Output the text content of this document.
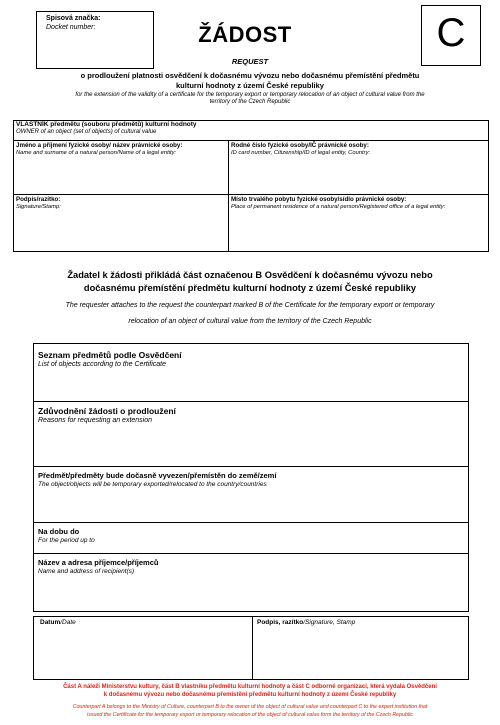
Spisová značka:
Docket number:	ŽÁDOST	C
REQUEST
o prodloužení platnosti osvědčení k dočasnému vývozu nebo dočasnému přemístění předmětu
kulturní hodnoty z území České republiky
for the extension of the validity of a certificate for the temporary export or temporary relocation of an object of cultural value from the
territory of the Czech Republic
VLASTNÍK předmětu (souboru předmětů) kulturní hodnoty
OWNER of an object (set of objects) of cultural value
Jméno a příjmení fyzické osoby/ název právnické osoby:
Name and surname of a natural person/Name of a legal entity:
Rodné číslo fyzické osoby/IČ právnické osoby:
ID card number, Citizenship/ID of legal entity, Country:
Podpis/razítko:
Signature/Stamp:
Místo trvalého pobytu fyzické osoby/sídlo právnické osoby:
Place of permanent residence of a natural person/Registered office of a legal entity:
Žadatel k žádosti přikládá část označenou B Osvědčení k dočasnému vývozu nebo
dočasnému přemístění předmětu kulturní hodnoty z území České republiky
The requester attaches to the request the counterpart marked B of the Certificate for the temporary export or temporary
relocation of an object of cultural value from the territory of the Czech Republic
Seznam předmětů podle Osvědčení
List of objects according to the Certificate
Zdůvodnění žádosti o prodloužení
Reasons for requesting an extension
Předmět/předměty bude dočasně vyvezen/přemístěn do země/zemí
The object/objects will be temporary exported/relocated to the country/countries
Na dobu do
For the period up to
Název a adresa příjemce/příjemců
Name and address of recipient(s)
Datum/Date	Podpis, razítko/Signature, Stamp
Část A náleží Ministerstvu kultury, část B vlastníku předmětu kulturní hodnoty a část C odborné organizaci, která vydala Osvědčení
k dočasnému vývozu nebo dočasnému přemístění předmětu kulturní hodnoty z území České republiky
Counterpart A belongs to the Ministry of Culture, counterpart B to the owner of the object of cultural value and counterpart C to the expert institution that
issued the Certificate for the temporary export or temporary relocation of the object of cultural value form the territory of the Czech Republic
